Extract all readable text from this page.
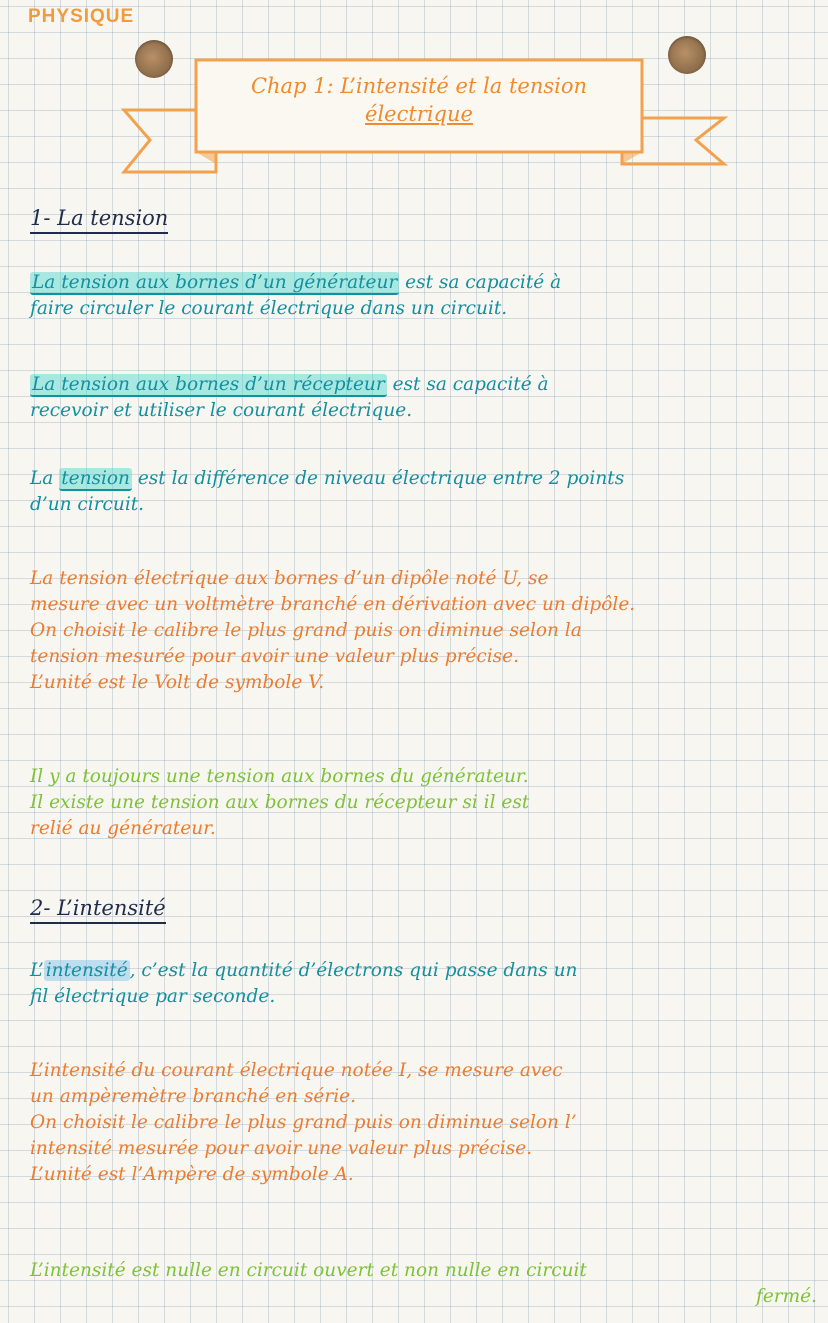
PHYSIQUE
Chap 1: L’intensité et la tension
électrique
1- La tension
La tension aux bornes d’un générateur est sa capacité à
faire circuler le courant électrique dans un circuit.
La tension aux bornes d’un récepteur est sa capacité à
recevoir et utiliser le courant électrique.
La tension est la différence de niveau électrique entre 2 points
d’un circuit.
La tension électrique aux bornes d’un dipôle noté U, se
mesure avec un voltmètre branché en dérivation avec un dipôle.
On choisit le calibre le plus grand puis on diminue selon la
tension mesurée pour avoir une valeur plus précise.
L’unité est le Volt de symbole V.
Il y a toujours une tension aux bornes du générateur.
Il existe une tension aux bornes du récepteur si il est
relié au générateur.
2- L’intensité
L’ intensité , c’est la quantité d’électrons qui passe dans un
fil électrique par seconde.
L’intensité du courant électrique notée I, se mesure avec
un ampèremètre branché en série.
On choisit le calibre le plus grand puis on diminue selon l’
intensité mesurée pour avoir une valeur plus précise.
L’unité est l’Ampère de symbole A.
L’intensité est nulle en circuit ouvert et non nulle en circuit
fermé.
